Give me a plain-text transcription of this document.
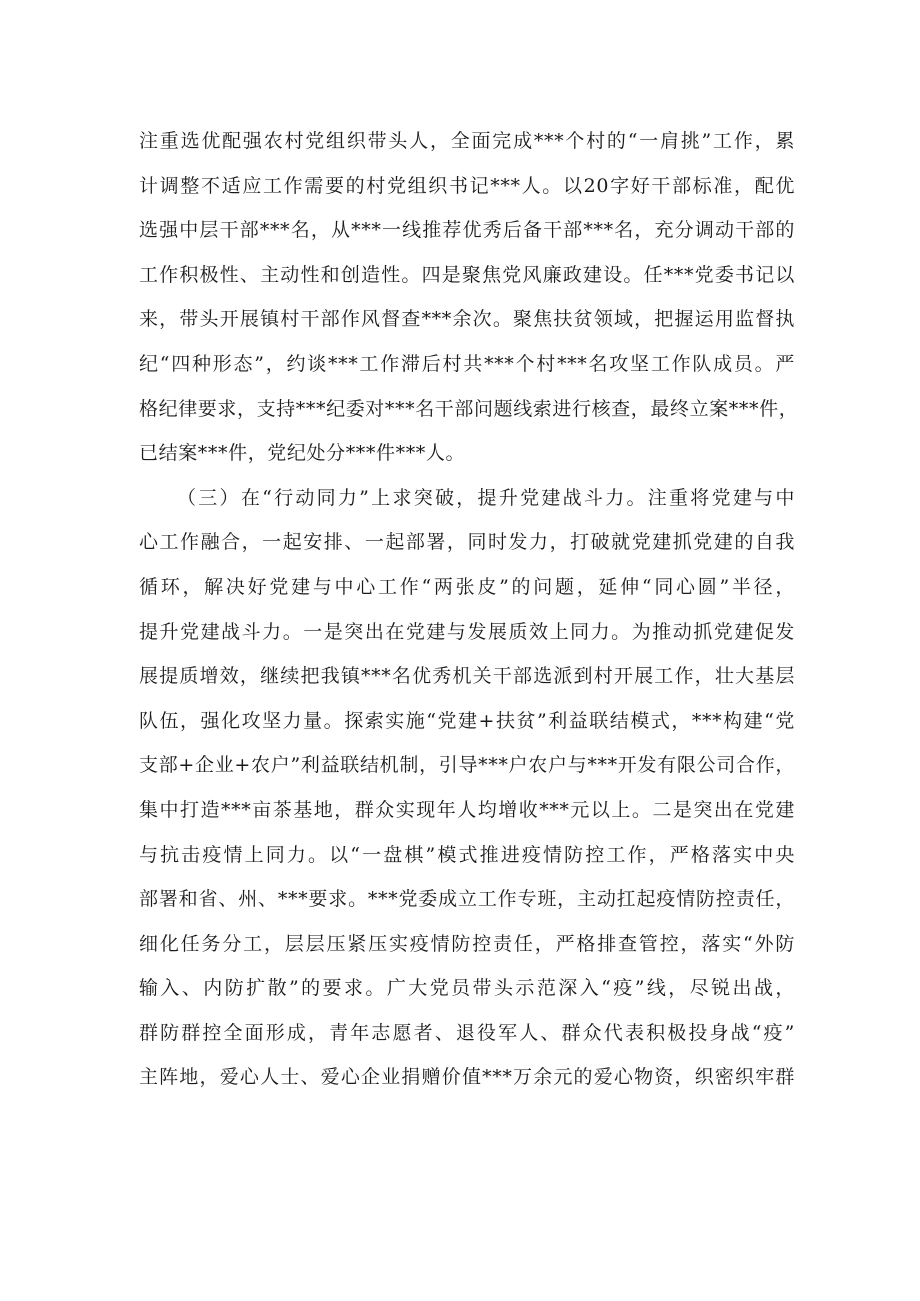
注重选优配强农村党组织带头人，全面完成***个村的“一肩挑”工作，累
计调整不适应工作需要的村党组织书记***人。以20字好干部标准，配优
选强中层干部***名，从***一线推荐优秀后备干部***名，充分调动干部的
工作积极性、主动性和创造性。四是聚焦党风廉政建设。任***党委书记以
来，带头开展镇村干部作风督查***余次。聚焦扶贫领域，把握运用监督执
纪“四种形态”，约谈***工作滞后村共***个村***名攻坚工作队成员。严
格纪律要求，支持***纪委对***名干部问题线索进行核查，最终立案***件，
已结案***件，党纪处分***件***人。
（三）在“行动同力”上求突破，提升党建战斗力。注重将党建与中
心工作融合，一起安排、一起部署，同时发力，打破就党建抓党建的自我
循环，解决好党建与中心工作“两张皮”的问题，延伸“同心圆”半径，
提升党建战斗力。一是突出在党建与发展质效上同力。为推动抓党建促发
展提质增效，继续把我镇***名优秀机关干部选派到村开展工作，壮大基层
队伍，强化攻坚力量。探索实施“党建+扶贫”利益联结模式，***构建“党
支部+企业+农户”利益联结机制，引导***户农户与***开发有限公司合作，
集中打造***亩茶基地，群众实现年人均增收***元以上。二是突出在党建
与抗击疫情上同力。以“一盘棋”模式推进疫情防控工作，严格落实中央
部署和省、州、***要求。***党委成立工作专班，主动扛起疫情防控责任，
细化任务分工，层层压紧压实疫情防控责任，严格排查管控，落实“外防
输入、内防扩散”的要求。广大党员带头示范深入“疫”线，尽锐出战，
群防群控全面形成，青年志愿者、退役军人、群众代表积极投身战“疫”
主阵地，爱心人士、爱心企业捐赠价值***万余元的爱心物资，织密织牢群
